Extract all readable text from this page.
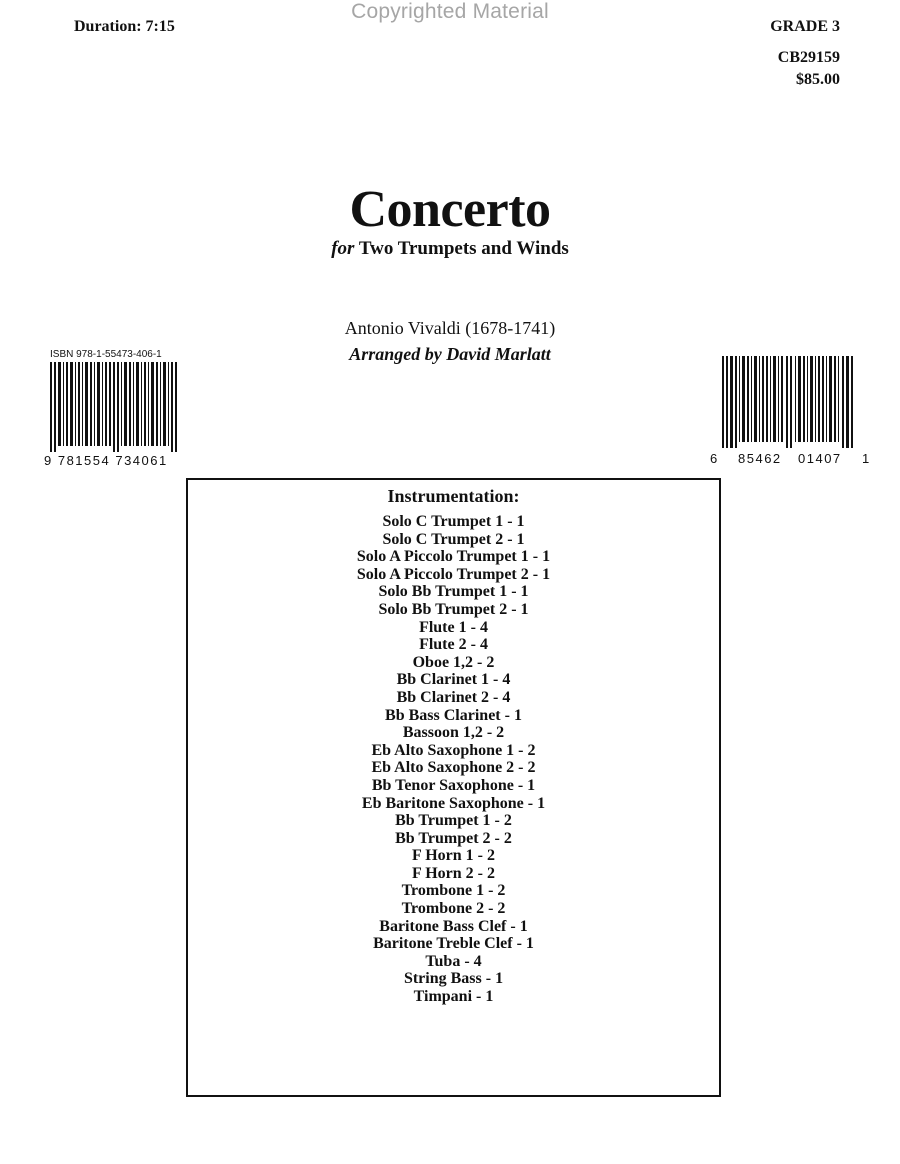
Copyrighted Material
Duration: 7:15	GRADE 3
CB29159
$85.00
Concerto
for Two Trumpets and Winds
Antonio Vivaldi (1678-1741)
Arranged by David Marlatt
ISBN 978-1-55473-406-1
9 781554 734061	6 85462 01407 1
Instrumentation:
Solo C Trumpet 1 - 1
Solo C Trumpet 2 - 1
Solo A Piccolo Trumpet 1 - 1
Solo A Piccolo Trumpet 2 - 1
Solo Bb Trumpet 1 - 1
Solo Bb Trumpet 2 - 1
Flute 1 - 4
Flute 2 - 4
Oboe 1,2 - 2
Bb Clarinet 1 - 4
Bb Clarinet 2 - 4
Bb Bass Clarinet - 1
Bassoon 1,2 - 2
Eb Alto Saxophone 1 - 2
Eb Alto Saxophone 2 - 2
Bb Tenor Saxophone - 1
Eb Baritone Saxophone - 1
Bb Trumpet 1 - 2
Bb Trumpet 2 - 2
F Horn 1 - 2
F Horn 2 - 2
Trombone 1 - 2
Trombone 2 - 2
Baritone Bass Clef - 1
Baritone Treble Clef - 1
Tuba - 4
String Bass - 1
Timpani - 1
